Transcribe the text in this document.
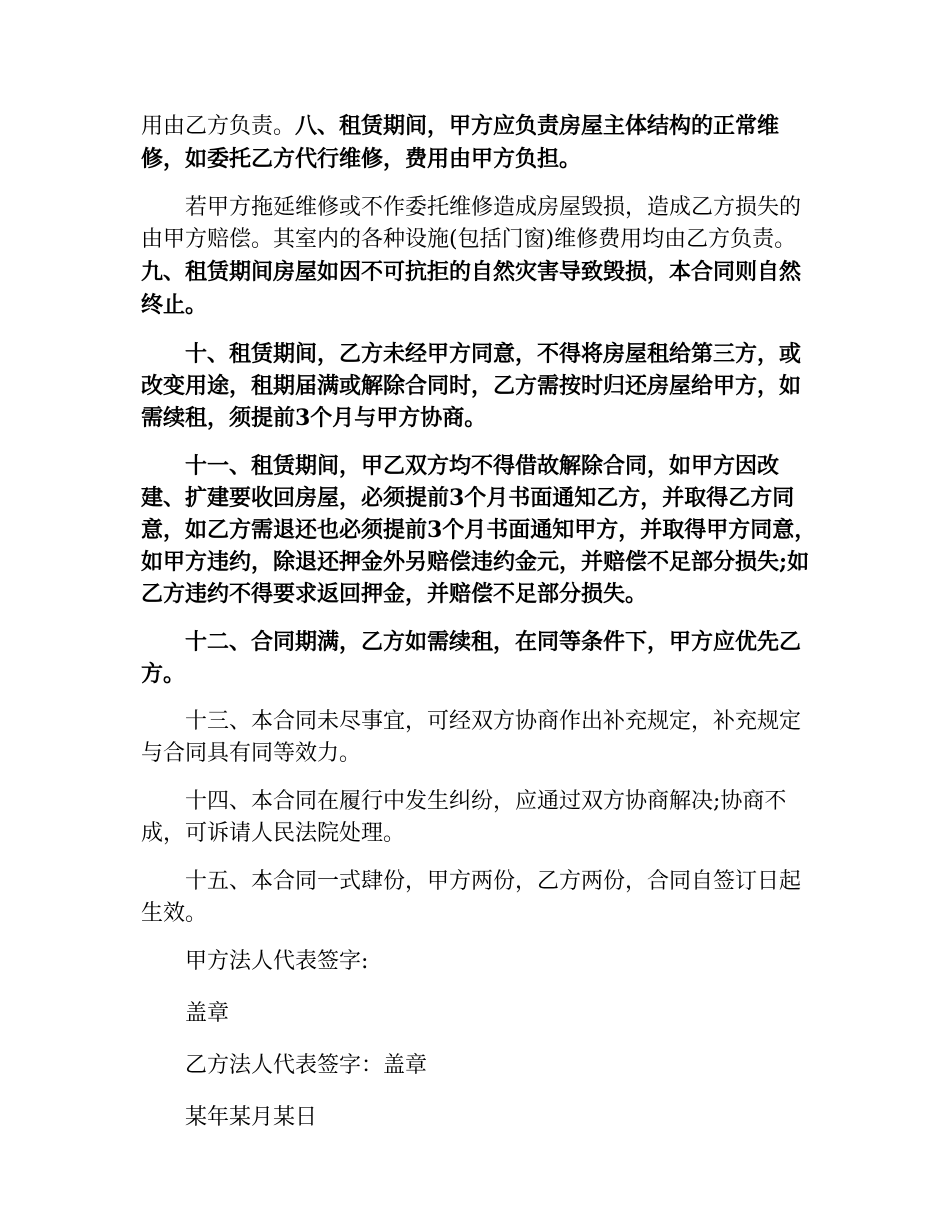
用由乙方负责。八、租赁期间，甲方应负责房屋主体结构的正常维修，如委托乙方代行维修，费用由甲方负担。

若甲方拖延维修或不作委托维修造成房屋毁损，造成乙方损失的由甲方赔偿。其室内的各种设施(包括门窗)维修费用均由乙方负责。九、租赁期间房屋如因不可抗拒的自然灾害导致毁损，本合同则自然终止。

十、租赁期间，乙方未经甲方同意，不得将房屋租给第三方，或改变用途，租期届满或解除合同时，乙方需按时归还房屋给甲方，如需续租，须提前3个月与甲方协商。

十一、租赁期间，甲乙双方均不得借故解除合同，如甲方因改建、扩建要收回房屋，必须提前3个月书面通知乙方，并取得乙方同意，如乙方需退还也必须提前3个月书面通知甲方，并取得甲方同意，如甲方违约，除退还押金外另赔偿违约金元，并赔偿不足部分损失;如乙方违约不得要求返回押金，并赔偿不足部分损失。

十二、合同期满，乙方如需续租，在同等条件下，甲方应优先乙方。

十三、本合同未尽事宜，可经双方协商作出补充规定，补充规定与合同具有同等效力。

十四、本合同在履行中发生纠纷，应通过双方协商解决;协商不成，可诉请人民法院处理。

十五、本合同一式肆份，甲方两份，乙方两份，合同自签订日起生效。

甲方法人代表签字:

盖章

乙方法人代表签字：盖章

某年某月某日
